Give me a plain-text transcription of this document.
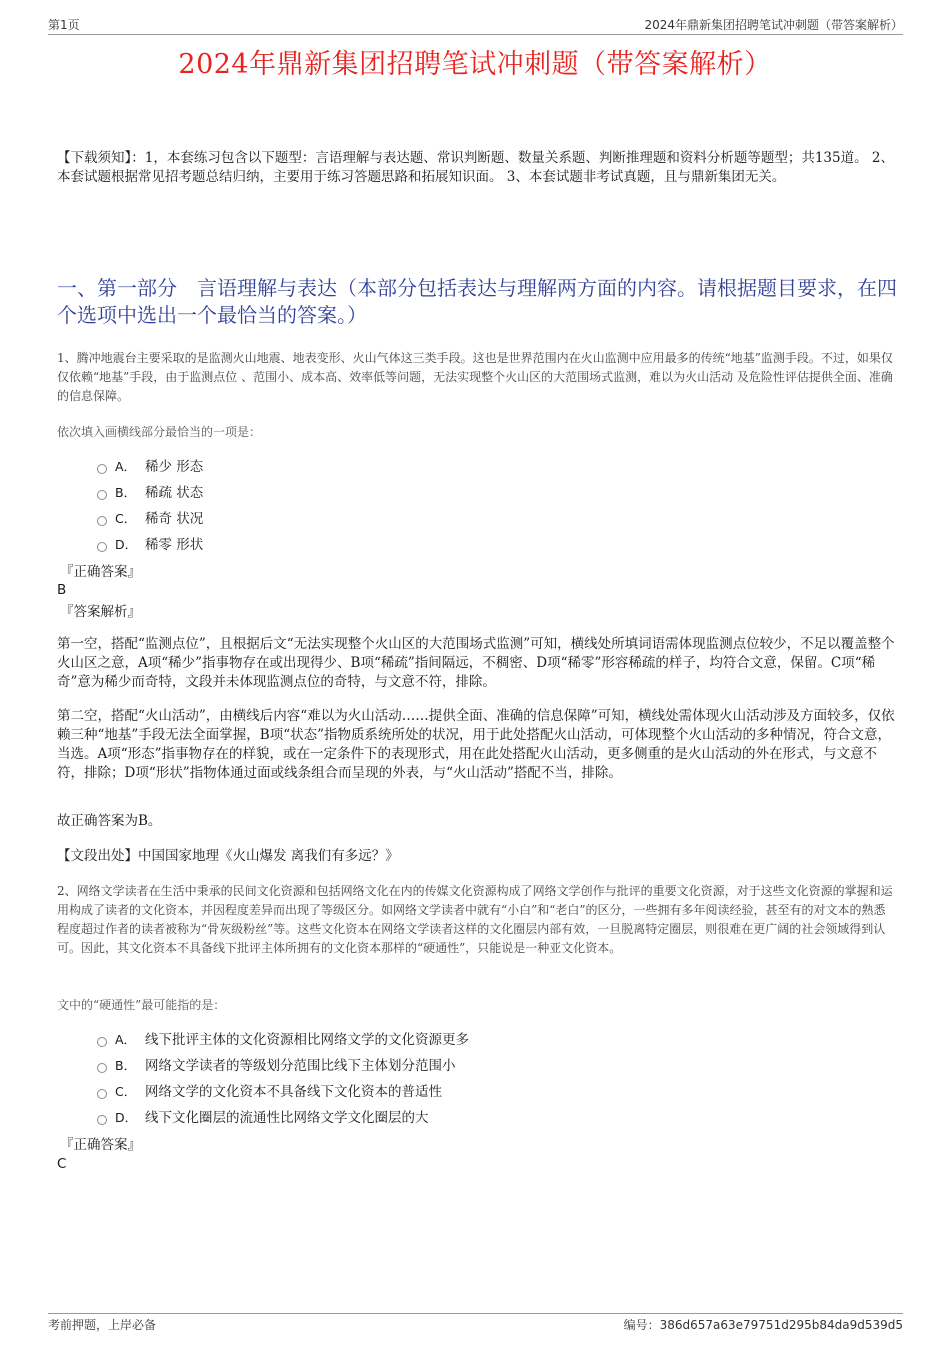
第1页	2024年鼎新集团招聘笔试冲刺题（带答案解析）
2024年鼎新集团招聘笔试冲刺题（带答案解析）

【下载须知】：1，本套练习包含以下题型：言语理解与表达题、常识判断题、数量关系题、判断推理题和资料分析题等题型；共135道。 2、本套试题根据常见招考题总结归纳，主要用于练习答题思路和拓展知识面。 3、本套试题非考试真题，且与鼎新集团无关。

一、第一部分　言语理解与表达（本部分包括表达与理解两方面的内容。请根据题目要求，在四个选项中选出一个最恰当的答案。）

1、腾冲地震台主要采取的是监测火山地震、地表变形、火山气体这三类手段。这也是世界范围内在火山监测中应用最多的传统“地基”监测手段。不过，如果仅仅依赖“地基”手段，由于监测点位 、范围小、成本高、效率低等问题，无法实现整个火山区的大范围场式监测，难以为火山活动 及危险性评估提供全面、准确的信息保障。

依次填入画横线部分最恰当的一项是：

A． 稀少 形态
B． 稀疏 状态
C． 稀奇 状况
D． 稀零 形状
『正确答案』
B
『答案解析』

第一空，搭配“监测点位”，且根据后文“无法实现整个火山区的大范围场式监测”可知，横线处所填词语需体现监测点位较少，不足以覆盖整个火山区之意，A项“稀少”指事物存在或出现得少、B项“稀疏”指间隔远，不稠密、D项“稀零”形容稀疏的样子，均符合文意，保留。C项“稀奇”意为稀少而奇特，文段并未体现监测点位的奇特，与文意不符，排除。

第二空，搭配“火山活动”，由横线后内容“难以为火山活动……提供全面、准确的信息保障”可知，横线处需体现火山活动涉及方面较多，仅依赖三种“地基”手段无法全面掌握，B项“状态”指物质系统所处的状况，用于此处搭配火山活动，可体现整个火山活动的多种情况，符合文意，当选。A项“形态”指事物存在的样貌，或在一定条件下的表现形式，用在此处搭配火山活动，更多侧重的是火山活动的外在形式，与文意不符，排除；D项“形状”指物体通过面或线条组合而呈现的外表，与“火山活动”搭配不当，排除。

故正确答案为B。

【文段出处】中国国家地理《火山爆发 离我们有多远？》

2、网络文学读者在生活中秉承的民间文化资源和包括网络文化在内的传媒文化资源构成了网络文学创作与批评的重要文化资源，对于这些文化资源的掌握和运用构成了读者的文化资本，并因程度差异而出现了等级区分。如网络文学读者中就有“小白”和“老白”的区分，一些拥有多年阅读经验，甚至有的对文本的熟悉程度超过作者的读者被称为“骨灰级粉丝”等。这些文化资本在网络文学读者这样的文化圈层内部有效，一旦脱离特定圈层，则很难在更广阔的社会领域得到认可。因此，其文化资本不具备线下批评主体所拥有的文化资本那样的“硬通性”，只能说是一种亚文化资本。

文中的“硬通性”最可能指的是：

A． 线下批评主体的文化资源相比网络文学的文化资源更多
B． 网络文学读者的等级划分范围比线下主体划分范围小
C． 网络文学的文化资本不具备线下文化资本的普适性
D． 线下文化圈层的流通性比网络文学文化圈层的大
『正确答案』
C
考前押题，上岸必备	编号：386d657a63e79751d295b84da9d539d5
